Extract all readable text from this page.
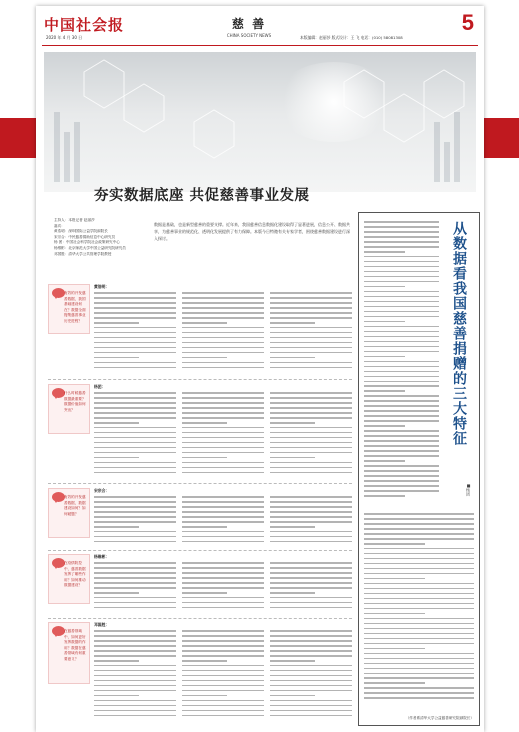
中国社会报
2020 年 4 月 30 日
慈 善
CHINA SOCIETY NEWS	本版编辑：赵丽莎 版式设计：王 飞 电话：(010) 58081308
5
夯实数据底座 共促慈善事业发展
主持人：本报记者 赵丽莎
嘉宾：
黄浩明：深圳国际公益学院副院长
宋宗合：中民慈善捐助信息中心研究员
杨 团：中国社会科学院社会政策研究中心
杨维彬：北京师范大学中国公益研究院研究员
邓国胜：清华大学公共管理学院教授
数据是基础，也是新型慈善的重要支撑。近年来，我国慈善信息数据化建设取得了显著进展，信息公开、数据共享，为慈善事业的规范化、透明化发展提供了有力保障。本版今日特邀有关专家学者，围绕慈善数据建设进行深入探讨。
有效的开发慈善数据，我国基础建设何在？数据全面搜集慈善事业历史进程？
黄浩明：
什么时候慈善数据最重要？数据价值如何突出？
杨团：
有效的开发慈善数据，数据建设如何？如何破题？
宋宗合：
在疫情防控中，慈善数据发挥了哪些作用？如何推动数据建设？
杨维彬：
在慈善领域中，如何更好发挥数据的作用？数据在慈善领域有何重要意义？
邓国胜：
从数据看我国慈善捐赠的三大特征
■杨团
（作者系清华大学公益慈善研究院副院长）
